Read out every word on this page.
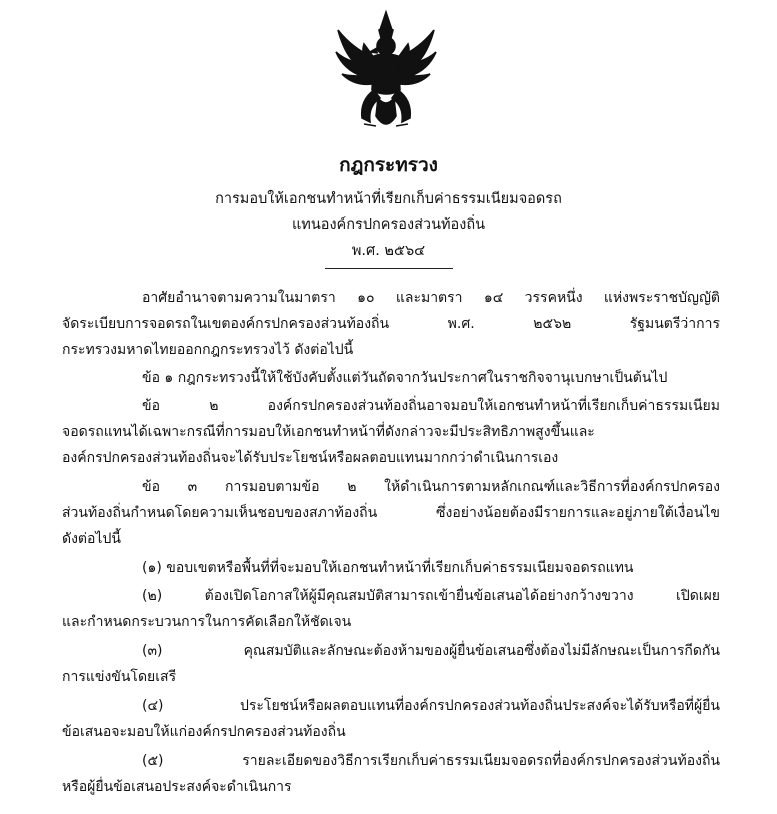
กฎกระทรวง
การมอบให้เอกชนทำหน้าที่เรียกเก็บค่าธรรมเนียมจอดรถ
แทนองค์กรปกครองส่วนท้องถิ่น
พ.ศ. ๒๕๖๔
อาศัยอำนาจตามความในมาตรา ๑๐ และมาตรา ๑๔ วรรคหนึ่ง แห่งพระราชบัญญัติ
จัดระเบียบการจอดรถในเขตองค์กรปกครองส่วนท้องถิ่น พ.ศ. ๒๕๖๒ รัฐมนตรีว่าการ
กระทรวงมหาดไทยออกกฎกระทรวงไว้ ดังต่อไปนี้
ข้อ ๑ กฎกระทรวงนี้ให้ใช้บังคับตั้งแต่วันถัดจากวันประกาศในราชกิจจานุเบกษาเป็นต้นไป
ข้อ ๒ องค์กรปกครองส่วนท้องถิ่นอาจมอบให้เอกชนทำหน้าที่เรียกเก็บค่าธรรมเนียม
จอดรถแทนได้เฉพาะกรณีที่การมอบให้เอกชนทำหน้าที่ดังกล่าวจะมีประสิทธิภาพสูงขึ้นและ
องค์กรปกครองส่วนท้องถิ่นจะได้รับประโยชน์หรือผลตอบแทนมากกว่าดำเนินการเอง
ข้อ ๓ การมอบตามข้อ ๒ ให้ดำเนินการตามหลักเกณฑ์และวิธีการที่องค์กรปกครอง
ส่วนท้องถิ่นกำหนดโดยความเห็นชอบของสภาท้องถิ่น ซึ่งอย่างน้อยต้องมีรายการและอยู่ภายใต้เงื่อนไข
ดังต่อไปนี้
(๑) ขอบเขตหรือพื้นที่ที่จะมอบให้เอกชนทำหน้าที่เรียกเก็บค่าธรรมเนียมจอดรถแทน
(๒) ต้องเปิดโอกาสให้ผู้มีคุณสมบัติสามารถเข้ายื่นข้อเสนอได้อย่างกว้างขวาง เปิดเผย
และกำหนดกระบวนการในการคัดเลือกให้ชัดเจน
(๓) คุณสมบัติและลักษณะต้องห้ามของผู้ยื่นข้อเสนอซึ่งต้องไม่มีลักษณะเป็นการกีดกัน
การแข่งขันโดยเสรี
(๔) ประโยชน์หรือผลตอบแทนที่องค์กรปกครองส่วนท้องถิ่นประสงค์จะได้รับหรือที่ผู้ยื่น
ข้อเสนอจะมอบให้แก่องค์กรปกครองส่วนท้องถิ่น
(๕) รายละเอียดของวิธีการเรียกเก็บค่าธรรมเนียมจอดรถที่องค์กรปกครองส่วนท้องถิ่น
หรือผู้ยื่นข้อเสนอประสงค์จะดำเนินการ
